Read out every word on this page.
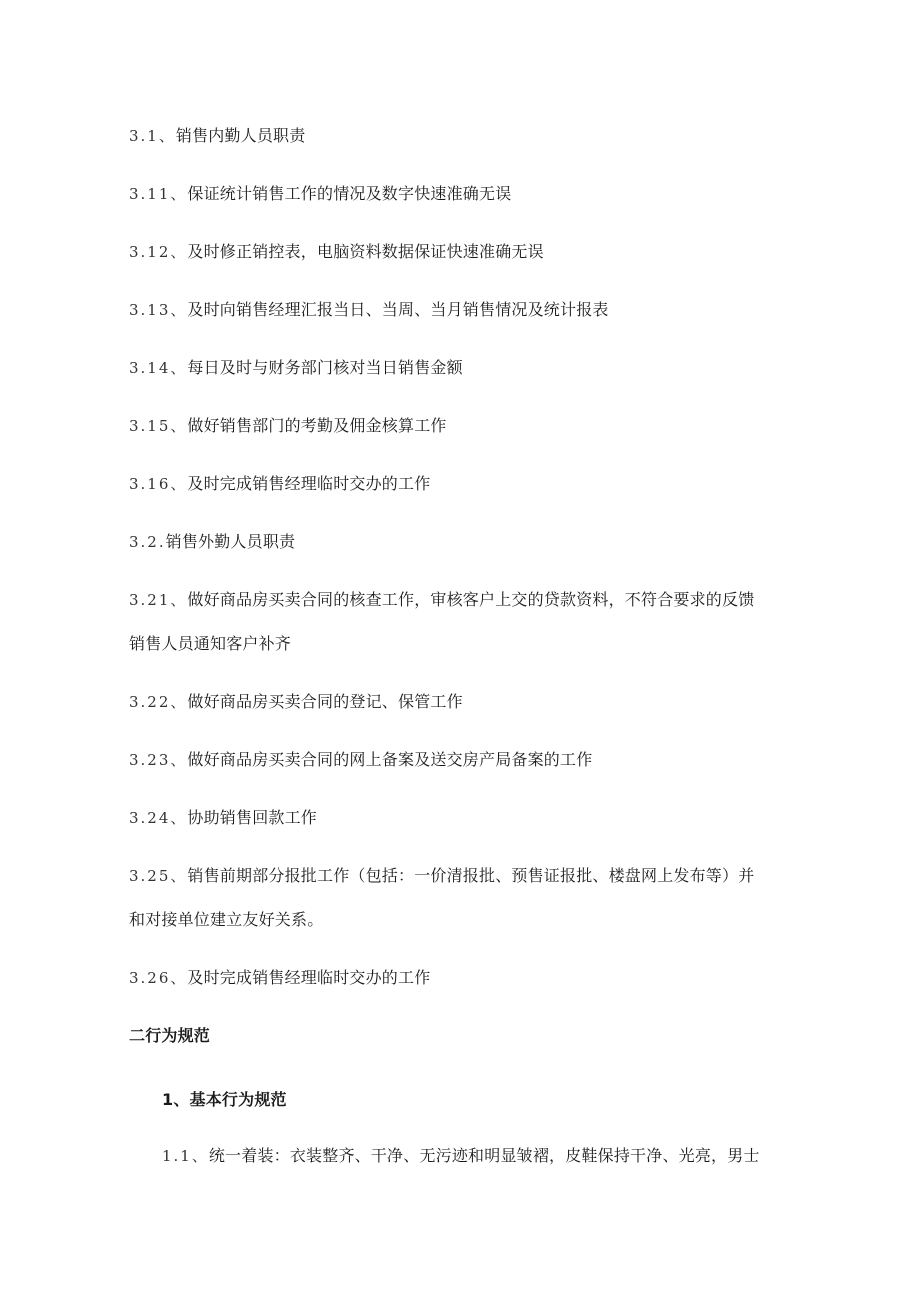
3.1、销售内勤人员职责
3.11、保证统计销售工作的情况及数字快速准确无误
3.12、及时修正销控表，电脑资料数据保证快速准确无误
3.13、及时向销售经理汇报当日、当周、当月销售情况及统计报表
3.14、每日及时与财务部门核对当日销售金额
3.15、做好销售部门的考勤及佣金核算工作
3.16、及时完成销售经理临时交办的工作
3.2.销售外勤人员职责
3.21、做好商品房买卖合同的核查工作，审核客户上交的贷款资料，不符合要求的反馈
销售人员通知客户补齐
3.22、做好商品房买卖合同的登记、保管工作
3.23、做好商品房买卖合同的网上备案及送交房产局备案的工作
3.24、协助销售回款工作
3.25、销售前期部分报批工作（包括：一价清报批、预售证报批、楼盘网上发布等）并
和对接单位建立友好关系。
3.26、及时完成销售经理临时交办的工作
二行为规范
1、基本行为规范
1.1、统一着装：衣装整齐、干净、无污迹和明显皱褶，皮鞋保持干净、光亮，男士
